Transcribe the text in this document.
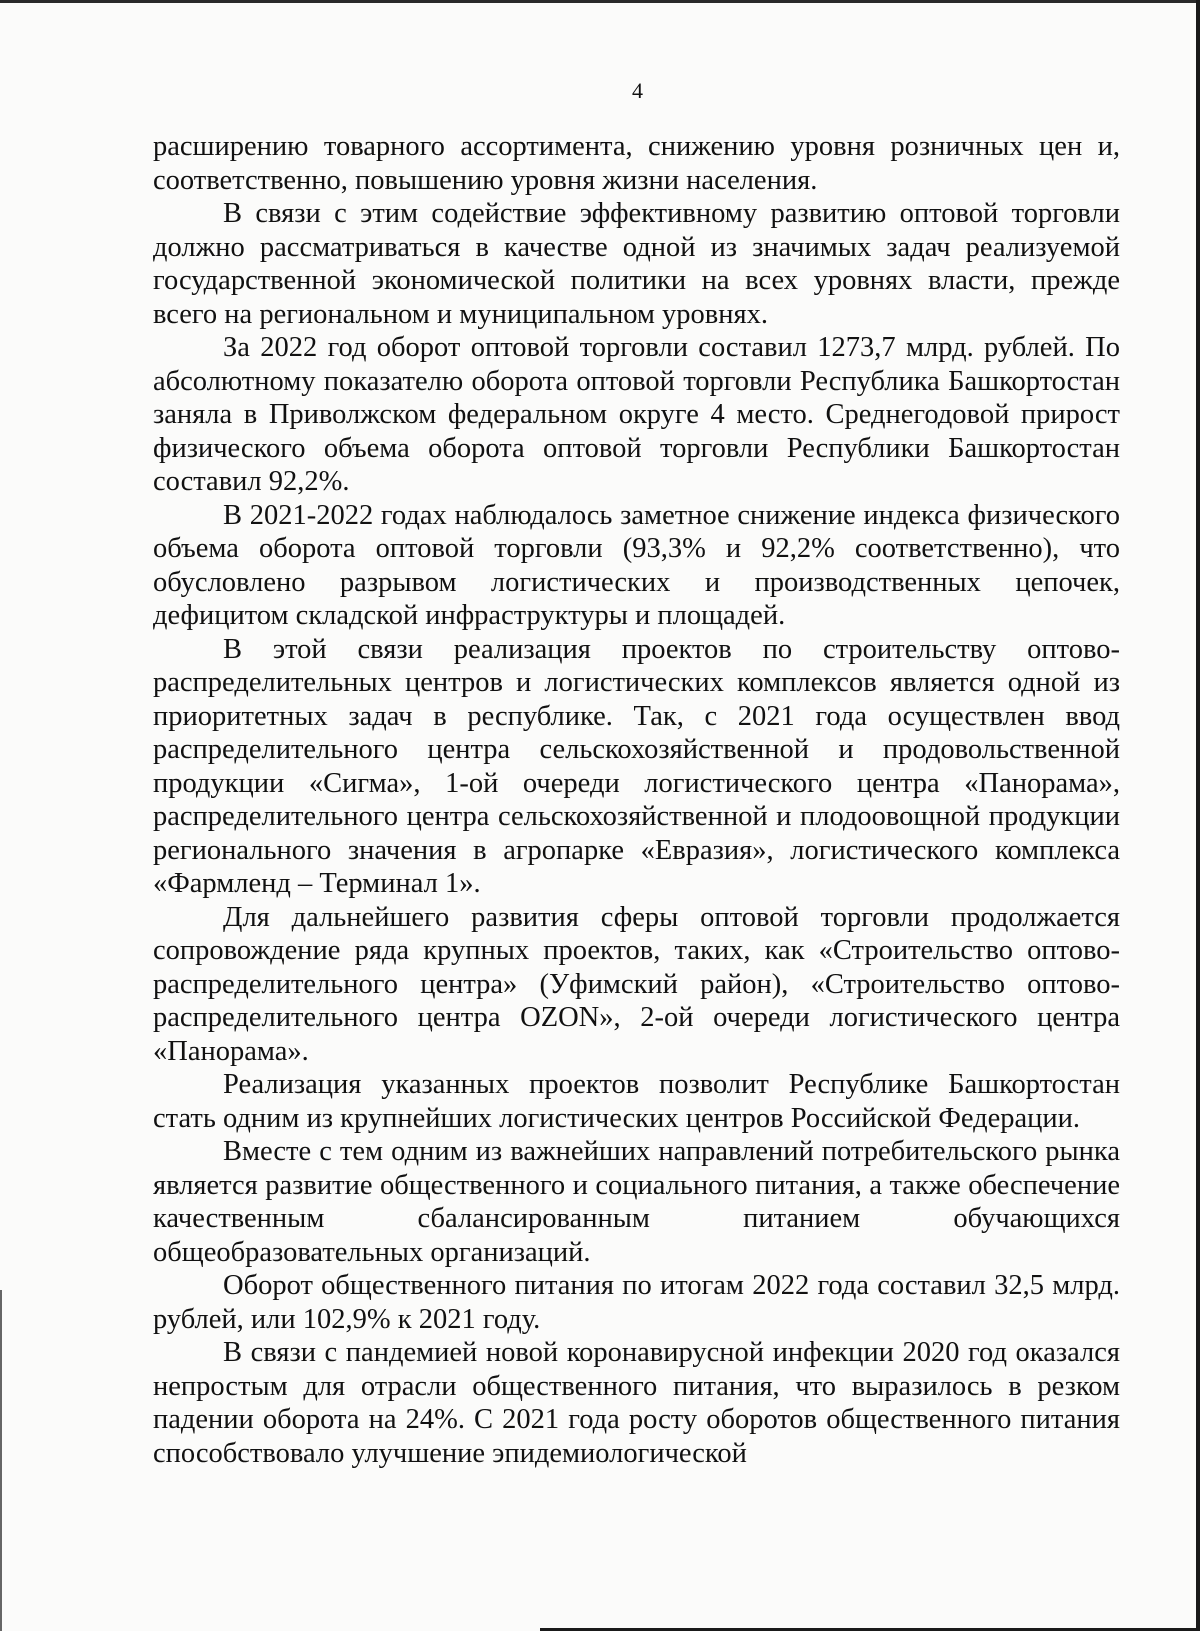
4

расширению товарного ассортимента, снижению уровня розничных цен и, соответственно, повышению уровня жизни населения.

В связи с этим содействие эффективному развитию оптовой торговли должно рассматриваться в качестве одной из значимых задач реализуемой государственной экономической политики на всех уровнях власти, прежде всего на региональном и муниципальном уровнях.

За 2022 год оборот оптовой торговли составил 1273,7 млрд. рублей. По абсолютному показателю оборота оптовой торговли Республика Башкортостан заняла в Приволжском федеральном округе 4 место. Среднегодовой прирост физического объема оборота оптовой торговли Республики Башкортостан составил 92,2%.

В 2021-2022 годах наблюдалось заметное снижение индекса физического объема оборота оптовой торговли (93,3% и 92,2% соответственно), что обусловлено разрывом логистических и производственных цепочек, дефицитом складской инфраструктуры и площадей.

В этой связи реализация проектов по строительству оптово-распределительных центров и логистических комплексов является одной из приоритетных задач в республике. Так, с 2021 года осуществлен ввод распределительного центра сельскохозяйственной и продовольственной продукции «Сигма», 1-ой очереди логистического центра «Панорама», распределительного центра сельскохозяйственной и плодоовощной продукции регионального значения в агропарке «Евразия», логистического комплекса «Фармленд – Терминал 1».

Для дальнейшего развития сферы оптовой торговли продолжается сопровождение ряда крупных проектов, таких, как «Строительство оптово-распределительного центра» (Уфимский район), «Строительство оптово-распределительного центра OZON», 2-ой очереди логистического центра «Панорама».

Реализация указанных проектов позволит Республике Башкортостан стать одним из крупнейших логистических центров Российской Федерации.

Вместе с тем одним из важнейших направлений потребительского рынка является развитие общественного и социального питания, а также обеспечение качественным сбалансированным питанием обучающихся общеобразовательных организаций.

Оборот общественного питания по итогам 2022 года составил 32,5 млрд. рублей, или 102,9% к 2021 году.

В связи с пандемией новой коронавирусной инфекции 2020 год оказался непростым для отрасли общественного питания, что выразилось в резком падении оборота на 24%. С 2021 года росту оборотов общественного питания способствовало улучшение эпидемиологической
